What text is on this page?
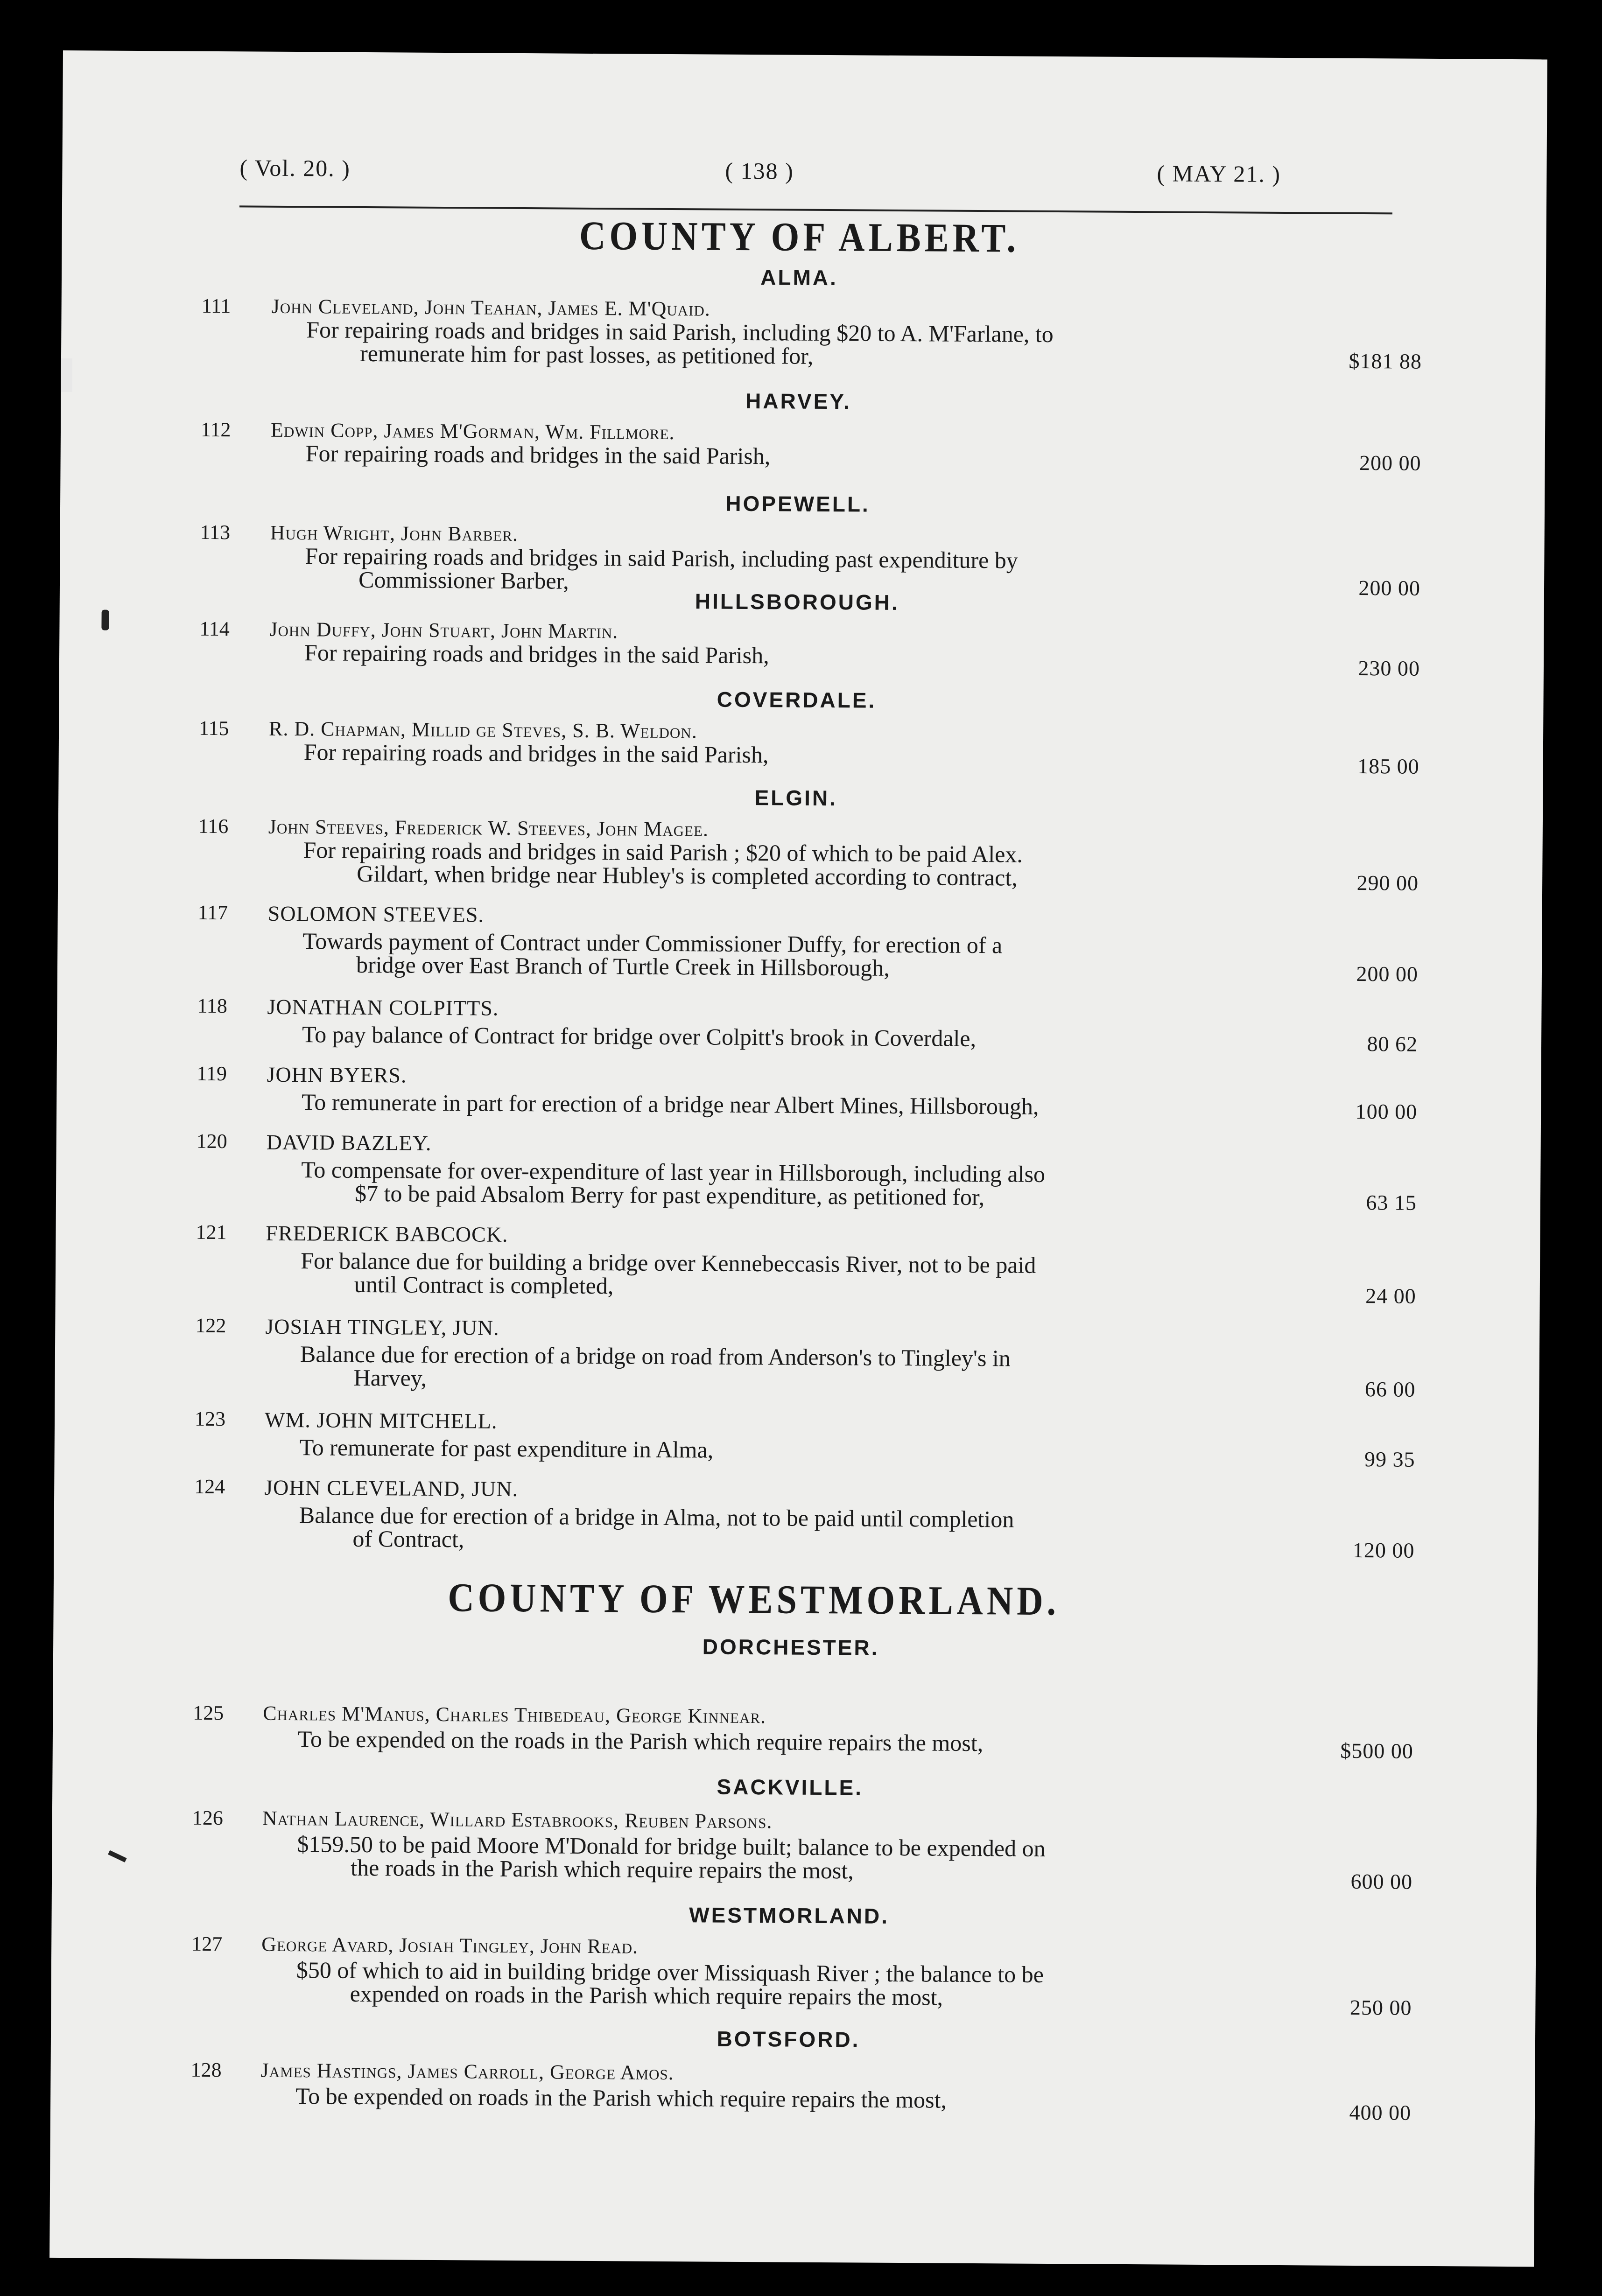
( Vol. 20. )	( 138 )	( MAY 21. )
COUNTY OF ALBERT.
ALMA.
111 John Cleveland, John Teahan, James E. M'Quaid.
For repairing roads and bridges in said Parish, including $20 to A. M'Farlane, to
remunerate him for past losses, as petitioned for,	$181 88
HARVEY.
112 Edwin Copp, James M'Gorman, Wm. Fillmore.
For repairing roads and bridges in the said Parish,	200 00
HOPEWELL.
113 Hugh Wright, John Barber.
For repairing roads and bridges in said Parish, including past expenditure by
Commissioner Barber,	200 00
HILLSBOROUGH.
114 John Duffy, John Stuart, John Martin.
For repairing roads and bridges in the said Parish,	230 00
COVERDALE.
115 R. D. Chapman, Millid ge Steves, S. B. Weldon.
For repairing roads and bridges in the said Parish,	185 00
ELGIN.
116 John Steeves, Frederick W. Steeves, John Magee.
For repairing roads and bridges in said Parish ; $20 of which to be paid Alex.
Gildart, when bridge near Hubley's is completed according to contract,	290 00
117 SOLOMON STEEVES.
Towards payment of Contract under Commissioner Duffy, for erection of a
bridge over East Branch of Turtle Creek in Hillsborough,	200 00
118 JONATHAN COLPITTS.
To pay balance of Contract for bridge over Colpitt's brook in Coverdale,	80 62
119 JOHN BYERS.
To remunerate in part for erection of a bridge near Albert Mines, Hillsborough,	100 00
120 DAVID BAZLEY.
To compensate for over-expenditure of last year in Hillsborough, including also
$7 to be paid Absalom Berry for past expenditure, as petitioned for,	63 15
121 FREDERICK BABCOCK.
For balance due for building a bridge over Kennebeccasis River, not to be paid
until Contract is completed,	24 00
122 JOSIAH TINGLEY, JUN.
Balance due for erection of a bridge on road from Anderson's to Tingley's in
Harvey,	66 00
123 WM. JOHN MITCHELL.
To remunerate for past expenditure in Alma,	99 35
124 JOHN CLEVELAND, JUN.
Balance due for erection of a bridge in Alma, not to be paid until completion
of Contract,	120 00
COUNTY OF WESTMORLAND.
DORCHESTER.
125 Charles M'Manus, Charles Thibedeau, George Kinnear.
To be expended on the roads in the Parish which require repairs the most,	$500 00
SACKVILLE.
126 Nathan Laurence, Willard Estabrooks, Reuben Parsons.
$159.50 to be paid Moore M'Donald for bridge built; balance to be expended on
the roads in the Parish which require repairs the most,	600 00
WESTMORLAND.
127 George Avard, Josiah Tingley, John Read.
$50 of which to aid in building bridge over Missiquash River ; the balance to be
expended on roads in the Parish which require repairs the most,	250 00
BOTSFORD.
128 James Hastings, James Carroll, George Amos.
To be expended on roads in the Parish which require repairs the most,	400 00
